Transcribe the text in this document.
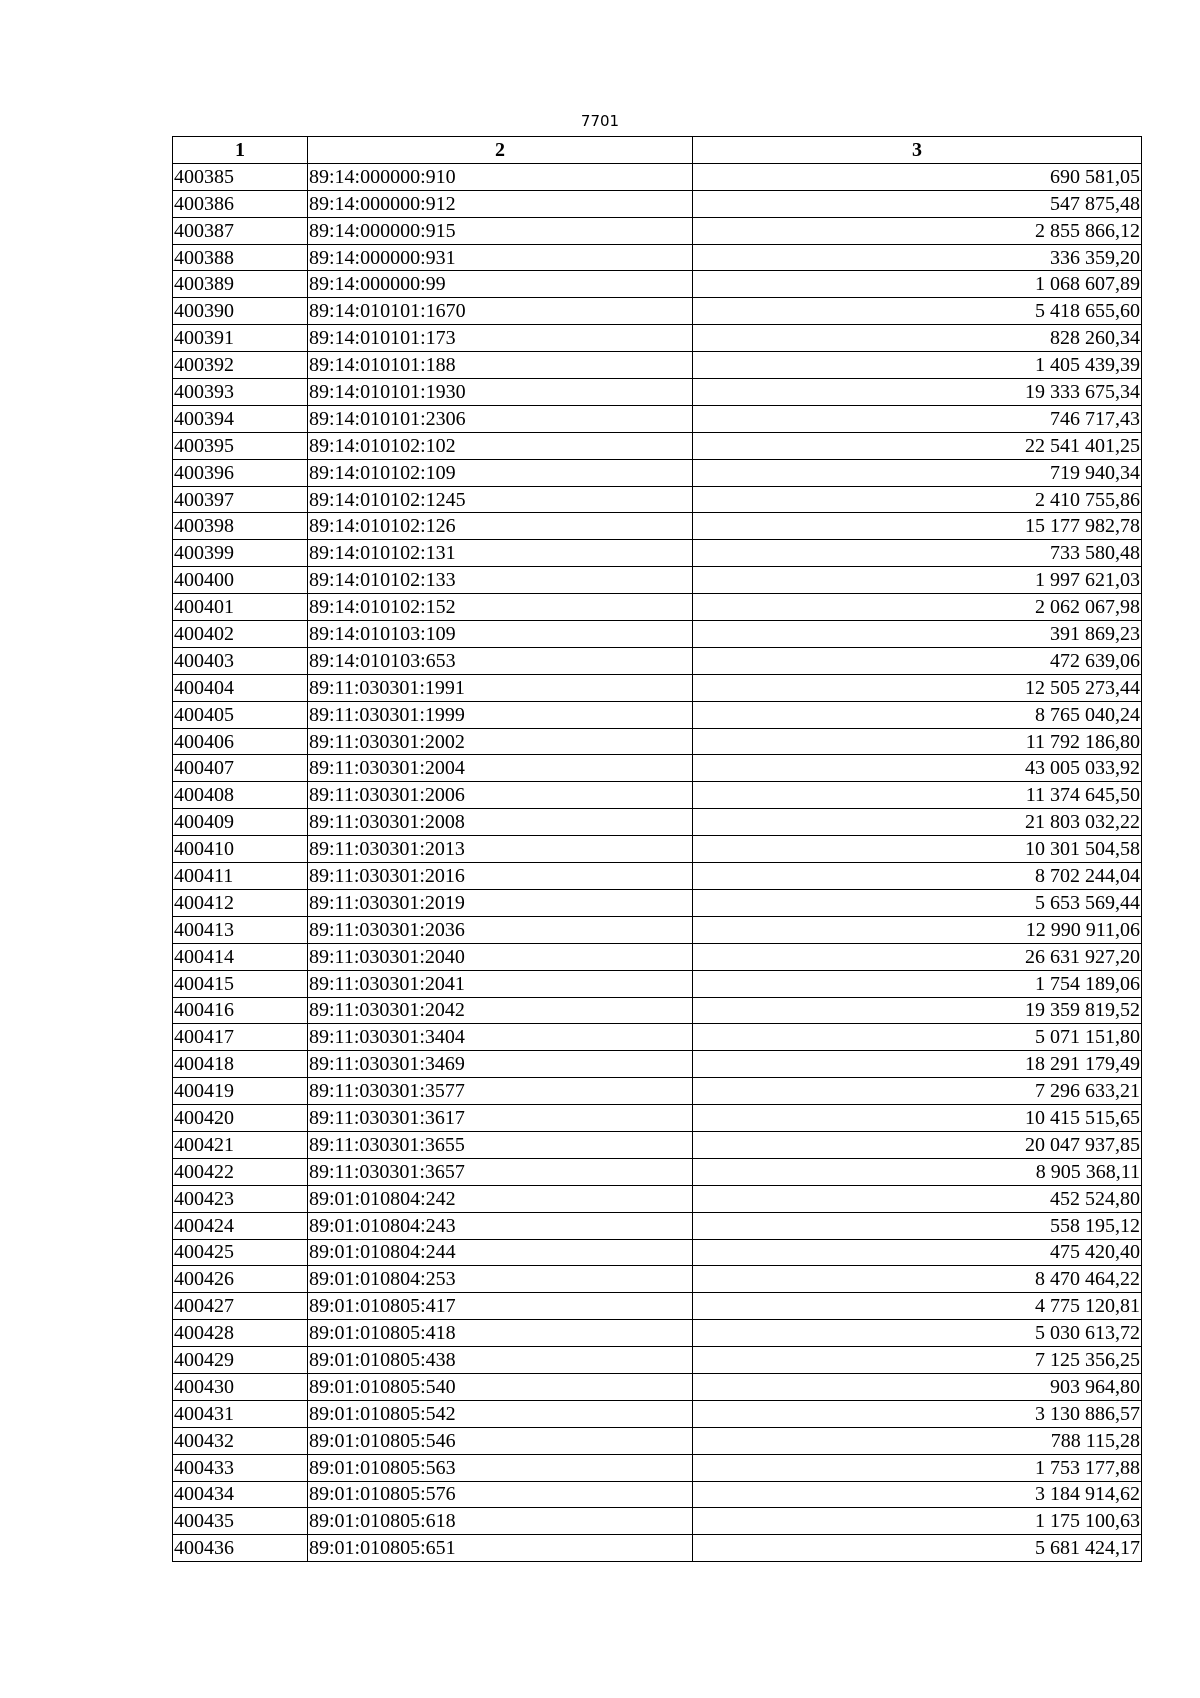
7701
1	2	3
400385	89:14:000000:910	690 581,05
400386	89:14:000000:912	547 875,48
400387	89:14:000000:915	2 855 866,12
400388	89:14:000000:931	336 359,20
400389	89:14:000000:99	1 068 607,89
400390	89:14:010101:1670	5 418 655,60
400391	89:14:010101:173	828 260,34
400392	89:14:010101:188	1 405 439,39
400393	89:14:010101:1930	19 333 675,34
400394	89:14:010101:2306	746 717,43
400395	89:14:010102:102	22 541 401,25
400396	89:14:010102:109	719 940,34
400397	89:14:010102:1245	2 410 755,86
400398	89:14:010102:126	15 177 982,78
400399	89:14:010102:131	733 580,48
400400	89:14:010102:133	1 997 621,03
400401	89:14:010102:152	2 062 067,98
400402	89:14:010103:109	391 869,23
400403	89:14:010103:653	472 639,06
400404	89:11:030301:1991	12 505 273,44
400405	89:11:030301:1999	8 765 040,24
400406	89:11:030301:2002	11 792 186,80
400407	89:11:030301:2004	43 005 033,92
400408	89:11:030301:2006	11 374 645,50
400409	89:11:030301:2008	21 803 032,22
400410	89:11:030301:2013	10 301 504,58
400411	89:11:030301:2016	8 702 244,04
400412	89:11:030301:2019	5 653 569,44
400413	89:11:030301:2036	12 990 911,06
400414	89:11:030301:2040	26 631 927,20
400415	89:11:030301:2041	1 754 189,06
400416	89:11:030301:2042	19 359 819,52
400417	89:11:030301:3404	5 071 151,80
400418	89:11:030301:3469	18 291 179,49
400419	89:11:030301:3577	7 296 633,21
400420	89:11:030301:3617	10 415 515,65
400421	89:11:030301:3655	20 047 937,85
400422	89:11:030301:3657	8 905 368,11
400423	89:01:010804:242	452 524,80
400424	89:01:010804:243	558 195,12
400425	89:01:010804:244	475 420,40
400426	89:01:010804:253	8 470 464,22
400427	89:01:010805:417	4 775 120,81
400428	89:01:010805:418	5 030 613,72
400429	89:01:010805:438	7 125 356,25
400430	89:01:010805:540	903 964,80
400431	89:01:010805:542	3 130 886,57
400432	89:01:010805:546	788 115,28
400433	89:01:010805:563	1 753 177,88
400434	89:01:010805:576	3 184 914,62
400435	89:01:010805:618	1 175 100,63
400436	89:01:010805:651	5 681 424,17
